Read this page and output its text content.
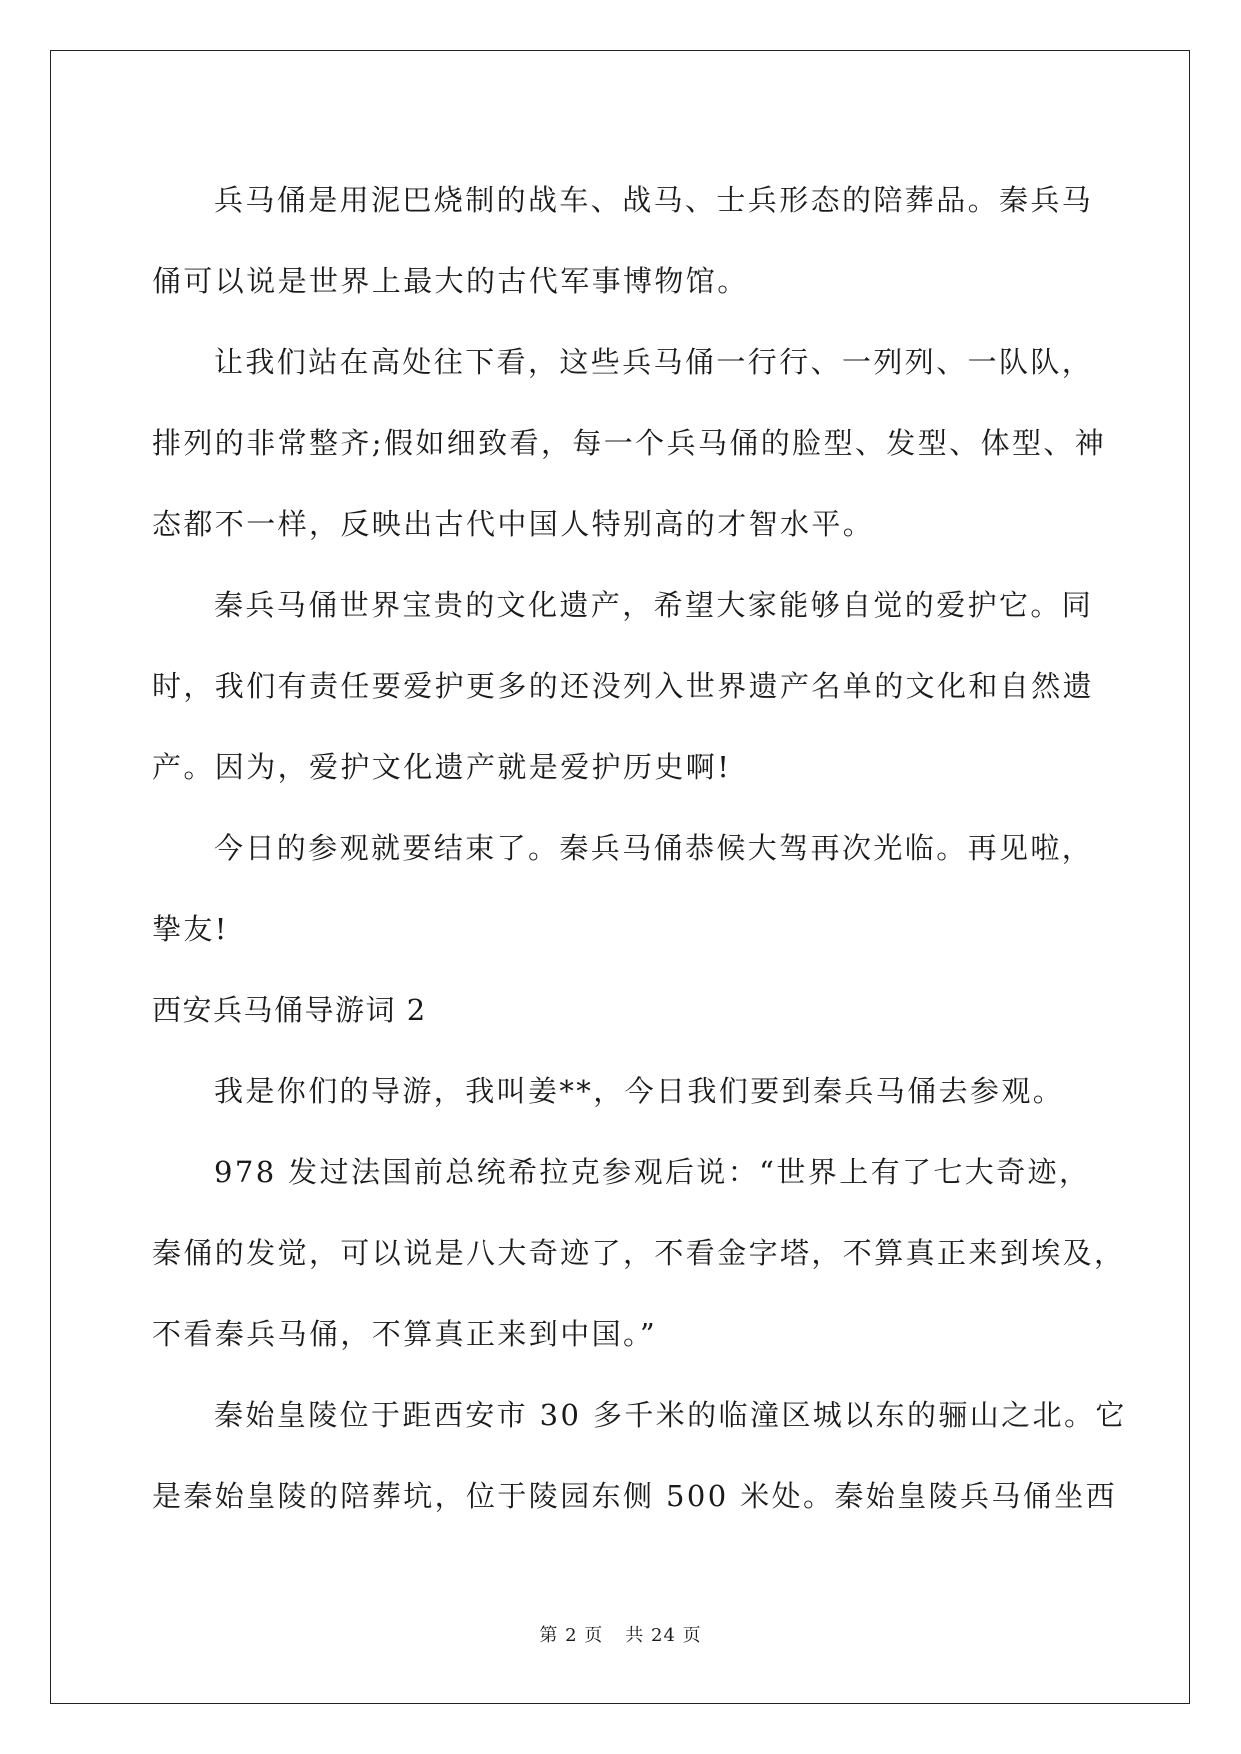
兵马俑是用泥巴烧制的战车、战马、士兵形态的陪葬品。秦兵马

俑可以说是世界上最大的古代军事博物馆。

让我们站在高处往下看，这些兵马俑一行行、一列列、一队队，

排列的非常整齐;假如细致看，每一个兵马俑的脸型、发型、体型、神

态都不一样，反映出古代中国人特别高的才智水平。

秦兵马俑世界宝贵的文化遗产，希望大家能够自觉的爱护它。同

时，我们有责任要爱护更多的还没列入世界遗产名单的文化和自然遗

产。因为，爱护文化遗产就是爱护历史啊!

今日的参观就要结束了。秦兵马俑恭候大驾再次光临。再见啦，

挚友!

西安兵马俑导游词 2

我是你们的导游，我叫姜**，今日我们要到秦兵马俑去参观。

978 发过法国前总统希拉克参观后说：“世界上有了七大奇迹，

秦俑的发觉，可以说是八大奇迹了，不看金字塔，不算真正来到埃及，

不看秦兵马俑，不算真正来到中国。”

秦始皇陵位于距西安市 30 多千米的临潼区城以东的骊山之北。它

是秦始皇陵的陪葬坑，位于陵园东侧 500 米处。秦始皇陵兵马俑坐西

第 2 页 共 24 页
